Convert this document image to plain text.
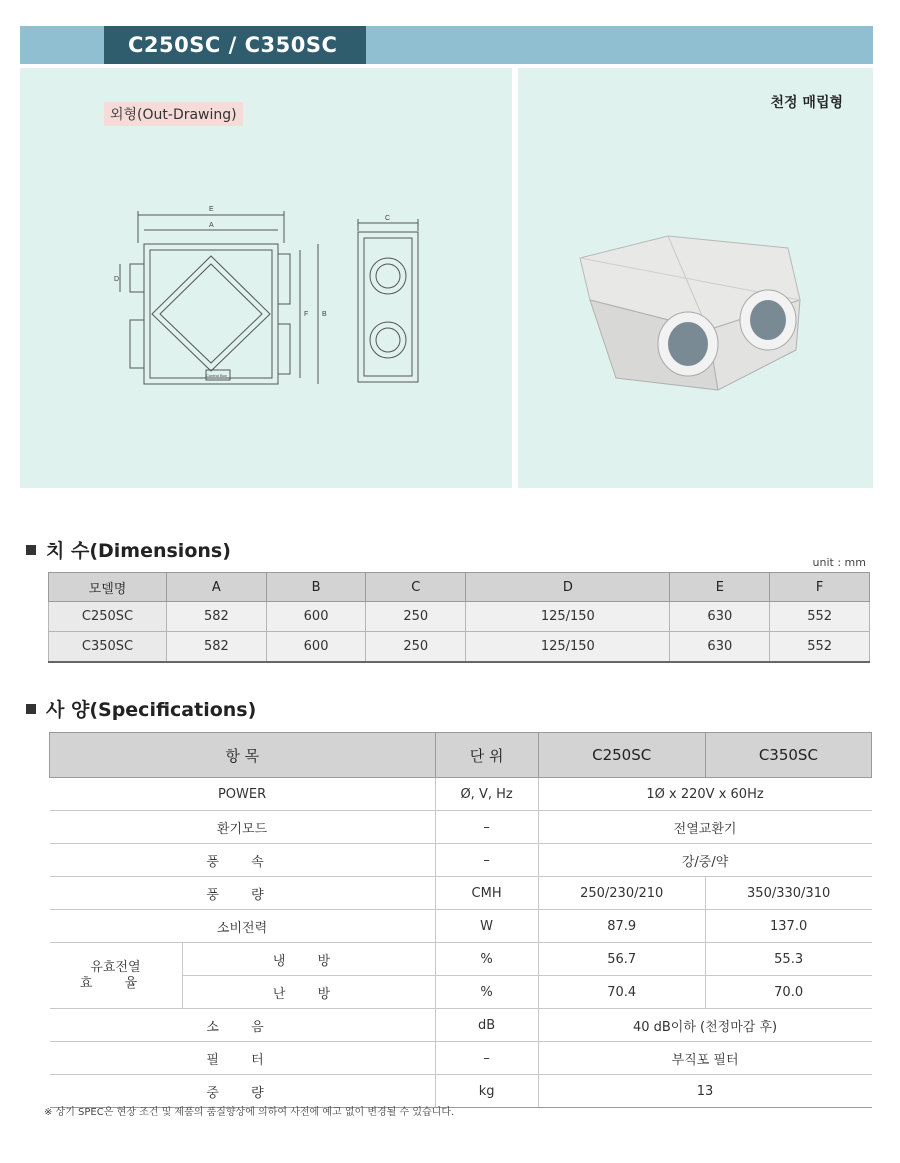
C250SC / C350SC
외형(Out-Drawing)
E
A
C
D
F B
Control Box
천정 매립형
치 수(Dimensions)
unit : mm
모델명	A	B	C	D	E	F
C250SC	582	600	250	125/150	630	552
C350SC	582	600	250	125/150	630	552
사 양(Specifications)
항 목		단 위	C250SC	C350SC
POWER		Ø, V, Hz	1Ø x 220V x 60Hz	
환기모드		–	전열교환기	
풍 속		–	강/중/약	
풍 량		CMH	250/230/210	350/330/310
소비전력		W	87.9	137.0

유효전열
효 율	냉 방	%	56.7	55.3
	난 방	%	70.4	70.0
소 음		dB	40 dB이하 (천정마감 후)	
필 터		–	부직포 필터	
중 량		kg	13	
※ 상기 SPEC은 현장 조건 및 제품의 품질향상에 의하여 사전에 예고 없이 변경될 수 있습니다.
